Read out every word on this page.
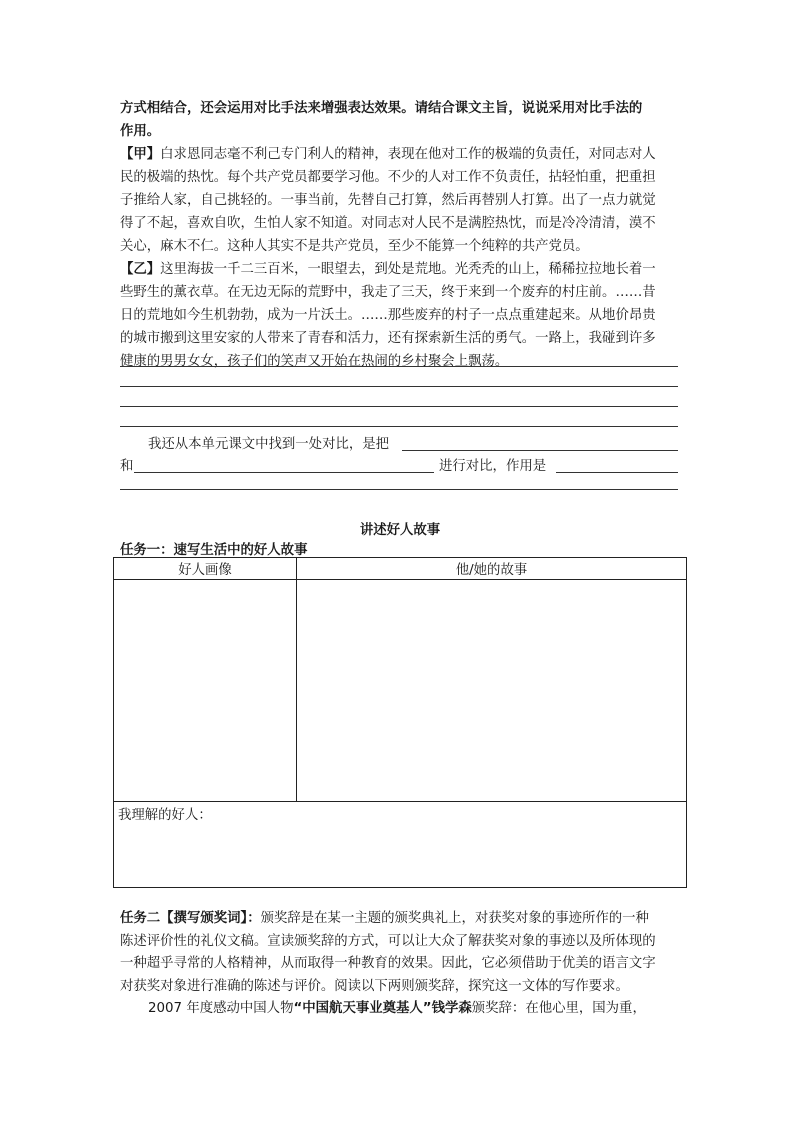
方式相结合，还会运用对比手法来增强表达效果。请结合课文主旨，说说采用对比手法的
作用。
【甲】白求恩同志毫不利己专门利人的精神，表现在他对工作的极端的负责任，对同志对人
民的极端的热忱。每个共产党员都要学习他。不少的人对工作不负责任，拈轻怕重，把重担
子推给人家，自己挑轻的。一事当前，先替自己打算，然后再替别人打算。出了一点力就觉
得了不起，喜欢自吹，生怕人家不知道。对同志对人民不是满腔热忱，而是冷冷清清，漠不
关心，麻木不仁。这种人其实不是共产党员，至少不能算一个纯粹的共产党员。
【乙】这里海拔一千二三百米，一眼望去，到处是荒地。光秃秃的山上，稀稀拉拉地长着一
些野生的薰衣草。在无边无际的荒野中，我走了三天，终于来到一个废弃的村庄前。……昔
日的荒地如今生机勃勃，成为一片沃土。……那些废弃的村子一点点重建起来。从地价昂贵
的城市搬到这里安家的人带来了青春和活力，还有探索新生活的勇气。一路上，我碰到许多
健康的男男女女，孩子们的笑声又开始在热闹的乡村聚会上飘荡。
我还从本单元课文中找到一处对比，是把
和	进行对比，作用是
讲述好人故事
任务一：速写生活中的好人故事
好人画像	他/她的故事

我理解的好人：	
任务二【撰写颁奖词】：颁奖辞是在某一主题的颁奖典礼上，对获奖对象的事迹所作的一种
陈述评价性的礼仪文稿。宣读颁奖辞的方式，可以让大众了解获奖对象的事迹以及所体现的
一种超乎寻常的人格精神，从而取得一种教育的效果。因此，它必须借助于优美的语言文字
对获奖对象进行准确的陈述与评价。阅读以下两则颁奖辞，探究这一文体的写作要求。
2007 年度感动中国人物“中国航天事业奠基人”钱学森颁奖辞：在他心里，国为重，
